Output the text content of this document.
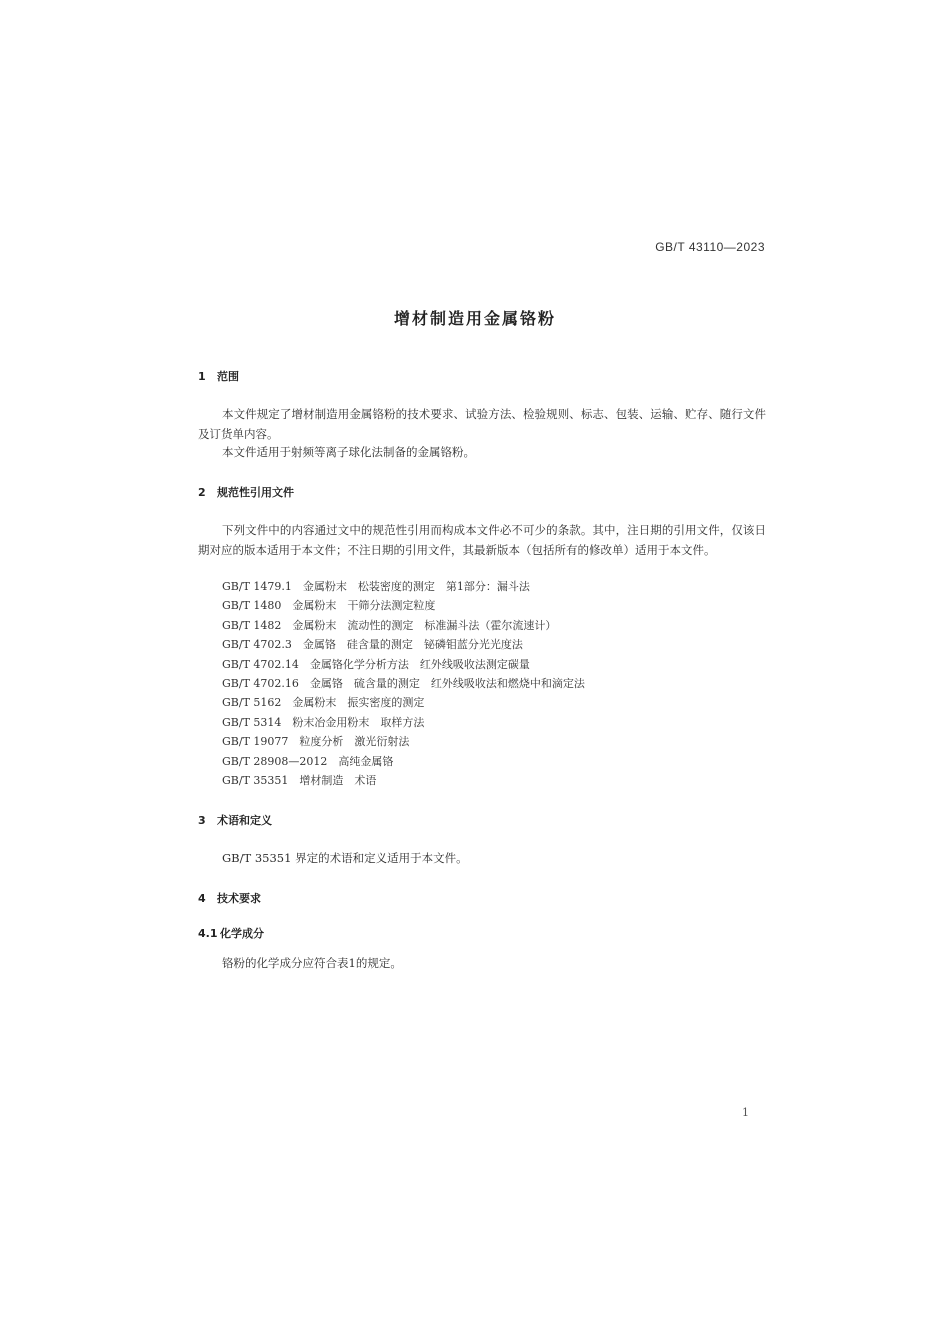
GB/T 43110—2023
增材制造用金属铬粉
1 范围
本文件规定了增材制造用金属铬粉的技术要求、试验方法、检验规则、标志、包装、运输、贮存、随行文件及订货单内容。
本文件适用于射频等离子球化法制备的金属铬粉。
2 规范性引用文件
下列文件中的内容通过文中的规范性引用而构成本文件必不可少的条款。其中，注日期的引用文件，仅该日期对应的版本适用于本文件；不注日期的引用文件，其最新版本（包括所有的修改单）适用于本文件。
GB/T 1479.1　金属粉末　松装密度的测定　第1部分：漏斗法
GB/T 1480　金属粉末　干筛分法测定粒度
GB/T 1482　金属粉末　流动性的测定　标准漏斗法（霍尔流速计）
GB/T 4702.3　金属铬　硅含量的测定　铋磷钼蓝分光光度法
GB/T 4702.14　金属铬化学分析方法　红外线吸收法测定碳量
GB/T 4702.16　金属铬　硫含量的测定　红外线吸收法和燃烧中和滴定法
GB/T 5162　金属粉末　振实密度的测定
GB/T 5314　粉末冶金用粉末　取样方法
GB/T 19077　粒度分析　激光衍射法
GB/T 28908—2012　高纯金属铬
GB/T 35351　增材制造　术语
3 术语和定义
GB/T 35351 界定的术语和定义适用于本文件。
4 技术要求
4.1 化学成分
铬粉的化学成分应符合表1的规定。
1
